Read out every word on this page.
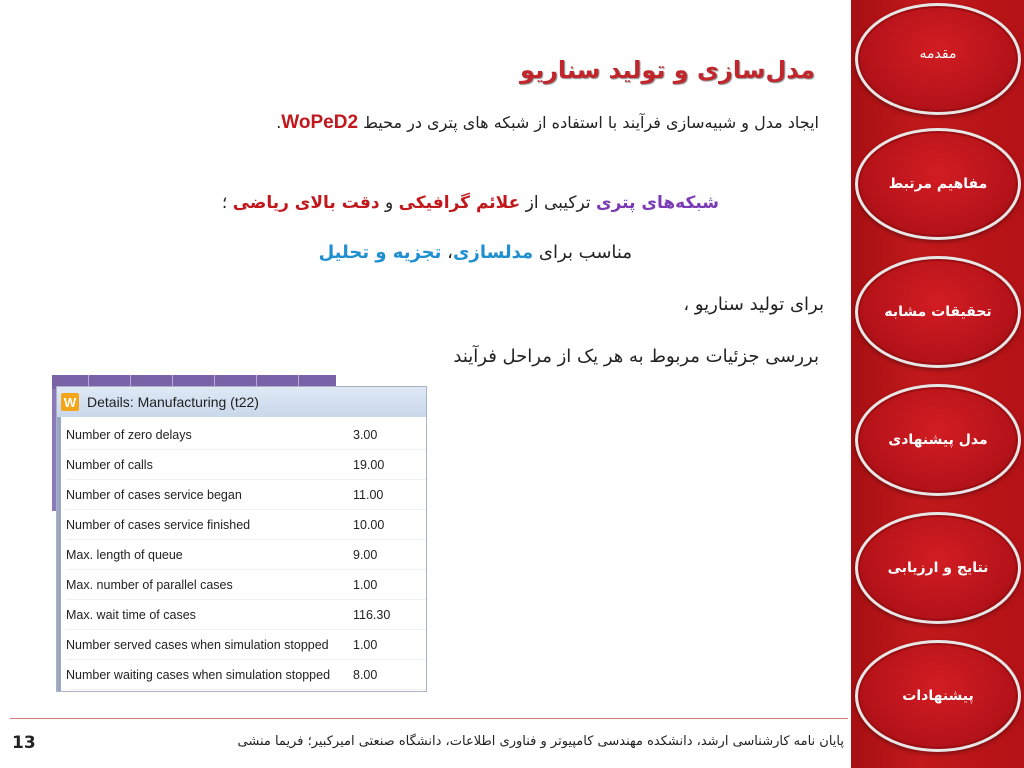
مدل‌سازی و تولید سناریو
ایجاد مدل و شبیه‌سازی فرآیند با استفاده از شبکه های پتری در محیط WoPeD2.
شبکه‌های پتری ترکیبی از علائم گرافیکی و دقت بالای ریاضی ؛
مناسب برای مدلسازی، تجزیه و تحلیل
برای تولید سناریو ،
بررسی جزئیات مربوط به هر یک از مراحل فرآیند
W Details: Manufacturing (t22)
Number of zero delays	3.00
Number of calls	19.00
Number of cases service began	11.00
Number of cases service finished	10.00
Max. length of queue	9.00
Max. number of parallel cases	1.00
Max. wait time of cases	116.30
Number served cases when simulation stopped	1.00
Number waiting cases when simulation stopped	8.00
مقدمه
مفاهیم مرتبط
تحقیقات مشابه
مدل پیشنهادی
نتایج و ارزیابی
پیشنهادات
13	پایان نامه کارشناسی ارشد، دانشکده مهندسی کامپیوتر و فناوری اطلاعات، دانشگاه صنعتی امیرکبیر؛ فریما منشی
